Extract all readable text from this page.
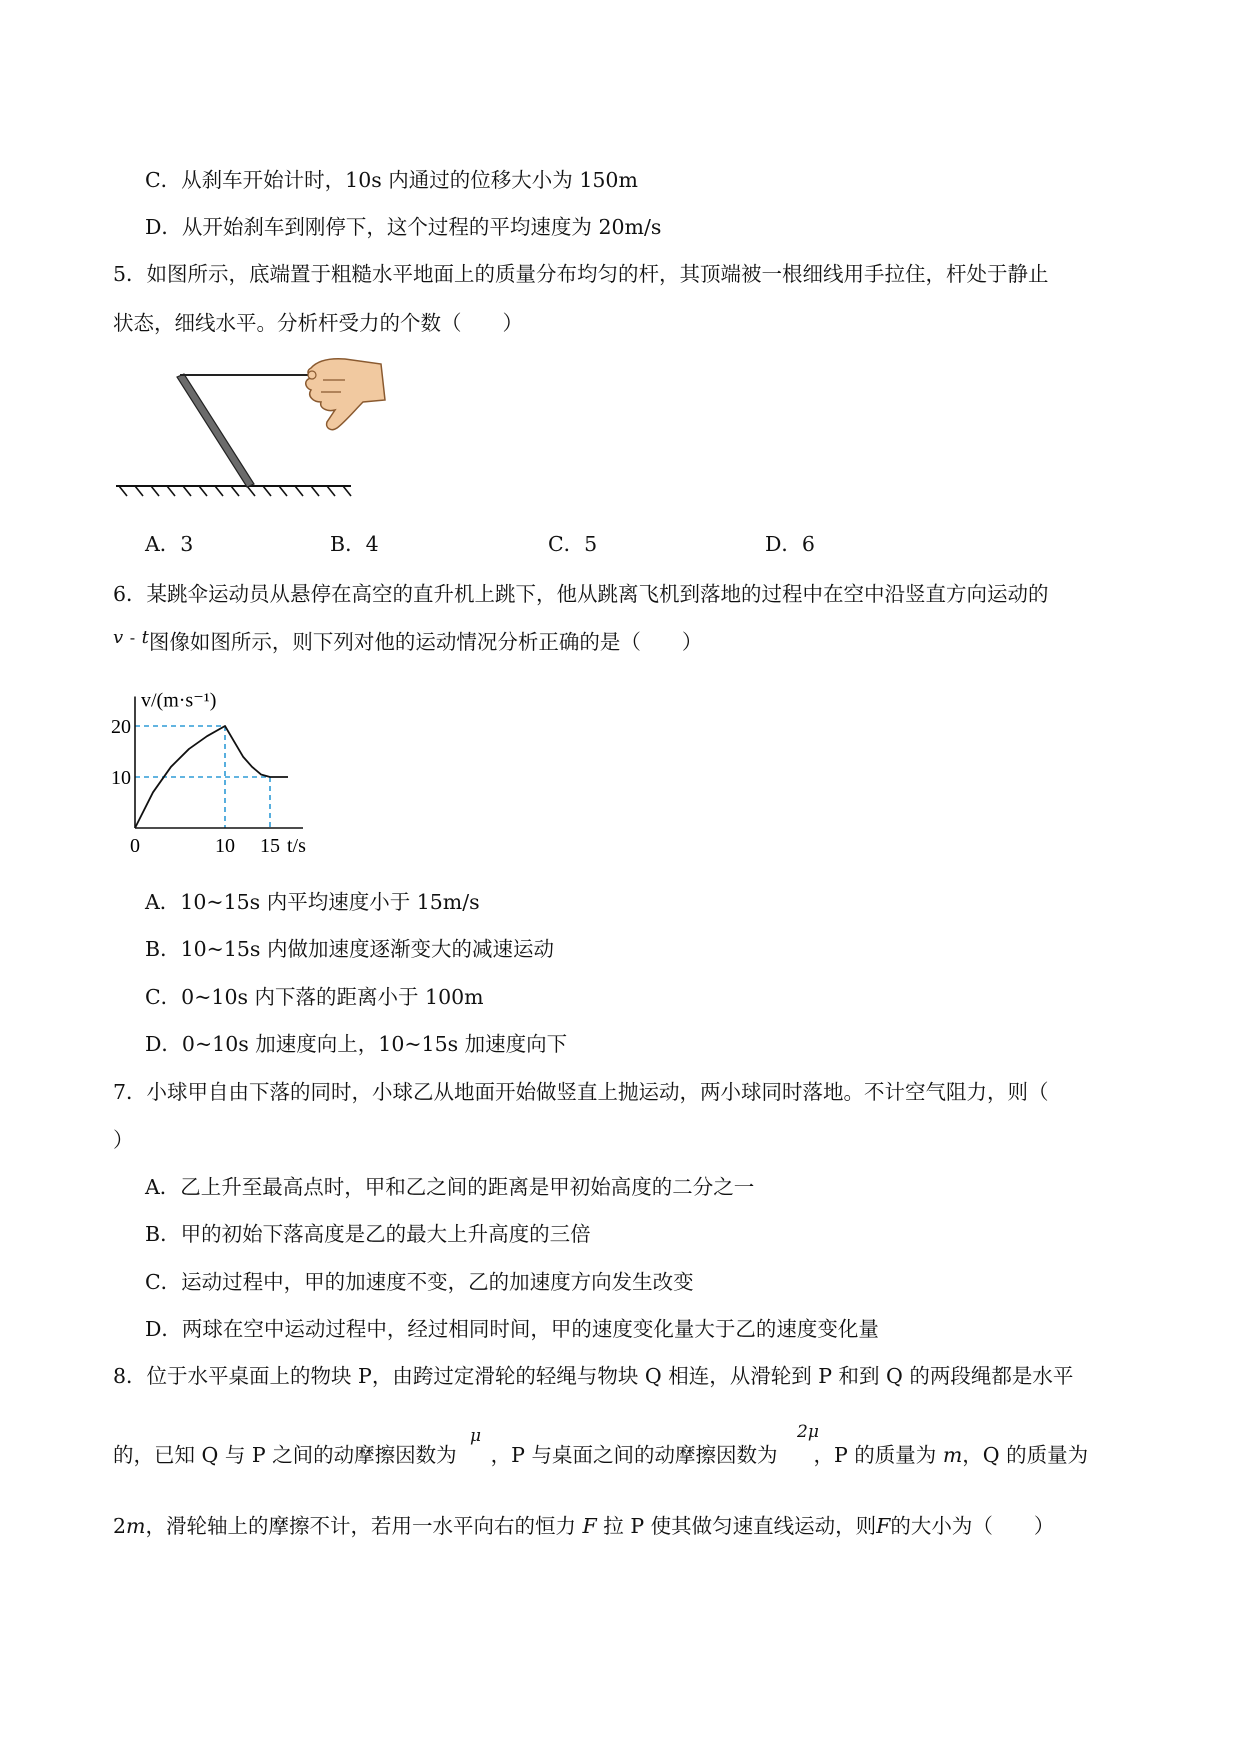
C．从刹车开始计时，10s 内通过的位移大小为 150m
D．从开始刹车到刚停下，这个过程的平均速度为 20m/s
5．如图所示，底端置于粗糙水平地面上的质量分布均匀的杆，其顶端被一根细线用手拉住，杆处于静止
状态，细线水平。分析杆受力的个数（　　）
A．3	B．4	C．5	D．6
6．某跳伞运动员从悬停在高空的直升机上跳下，他从跳离飞机到落地的过程中在空中沿竖直方向运动的
v - t图像如图所示，则下列对他的运动情况分析正确的是（　　）
0	10 15
20
10
t/s
v/(m·s⁻¹)
A．10~15s 内平均速度小于 15m/s
B．10~15s 内做加速度逐渐变大的减速运动
C．0~10s 内下落的距离小于 100m
D．0~10s 加速度向上，10~15s 加速度向下
7．小球甲自由下落的同时，小球乙从地面开始做竖直上抛运动，两小球同时落地。不计空气阻力，则（
）
A．乙上升至最高点时，甲和乙之间的距离是甲初始高度的二分之一
B．甲的初始下落高度是乙的最大上升高度的三倍
C．运动过程中，甲的加速度不变，乙的加速度方向发生改变
D．两球在空中运动过程中，经过相同时间，甲的速度变化量大于乙的速度变化量
8．位于水平桌面上的物块 P，由跨过定滑轮的轻绳与物块 Q 相连，从滑轮到 P 和到 Q 的两段绳都是水平
的，已知 Q 与 P 之间的动摩擦因数为 ，P 与桌面之间的动摩擦因数为 ，P 的质量为 m，Q 的质量为
μ	2μ
2m，滑轮轴上的摩擦不计，若用一水平向右的恒力 F 拉 P 使其做匀速直线运动，则F的大小为（　　）
